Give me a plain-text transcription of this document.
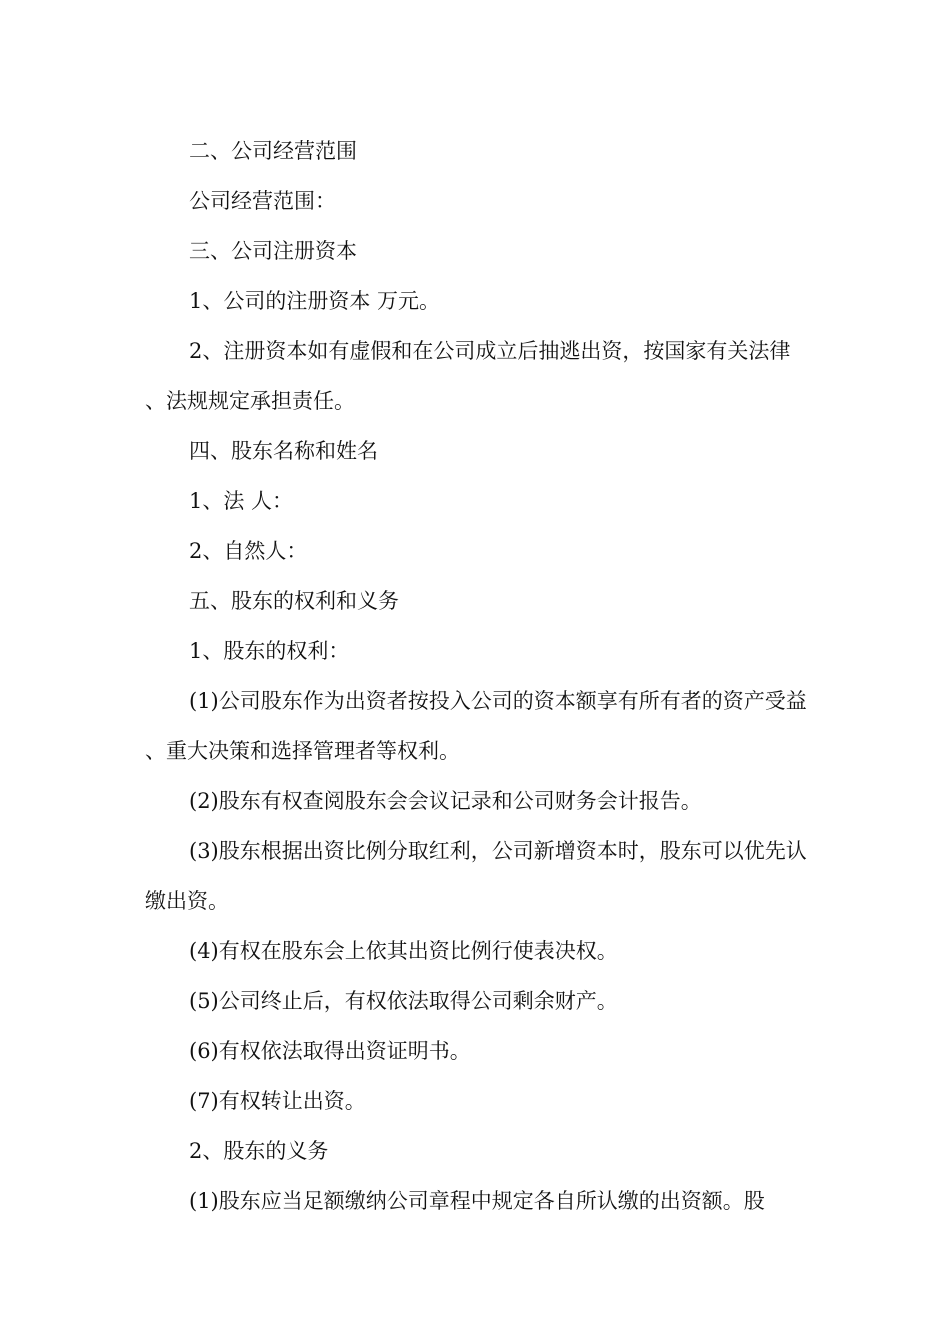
二、公司经营范围

公司经营范围：

三、公司注册资本

1、公司的注册资本 万元。

2、注册资本如有虚假和在公司成立后抽逃出资，按国家有关法律、法规规定承担责任。

四、股东名称和姓名

1、法 人：

2、自然人：

五、股东的权利和义务

1、股东的权利：

(1)公司股东作为出资者按投入公司的资本额享有所有者的资产受益、重大决策和选择管理者等权利。

(2)股东有权查阅股东会会议记录和公司财务会计报告。

(3)股东根据出资比例分取红利，公司新增资本时，股东可以优先认缴出资。

(4)有权在股东会上依其出资比例行使表决权。

(5)公司终止后，有权依法取得公司剩余财产。

(6)有权依法取得出资证明书。

(7)有权转让出资。

2、股东的义务

(1)股东应当足额缴纳公司章程中规定各自所认缴的出资额。股
